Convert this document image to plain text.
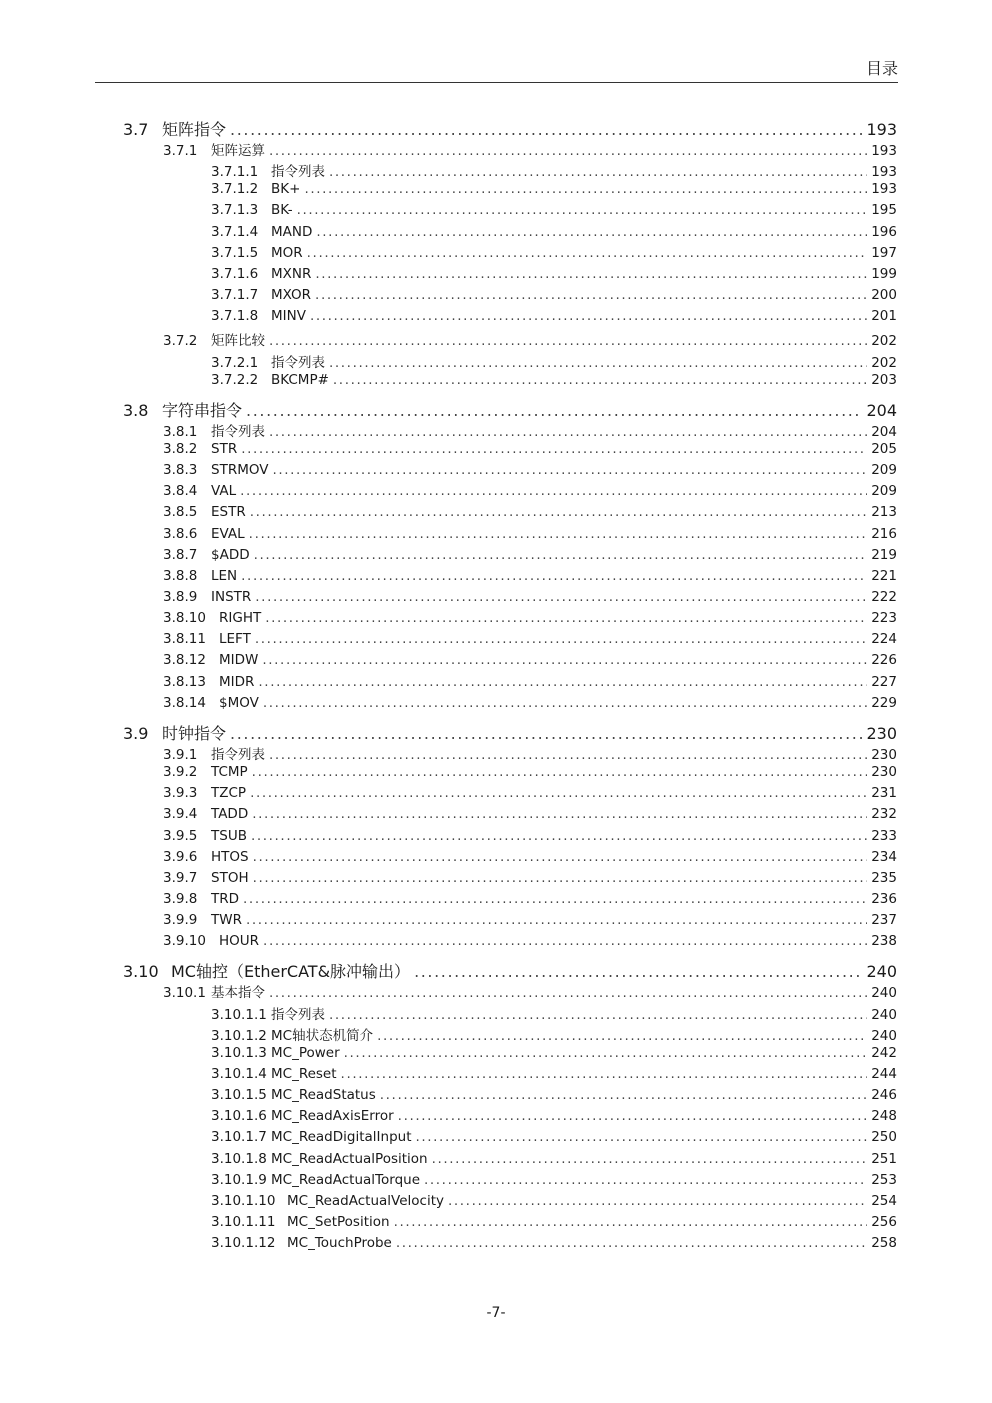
目录
3.7 矩阵指令 .....	193
3.7.1	矩阵运算 .....	193
3.7.1.1 指令列表 .....	193
3.7.1.2 BK+ .....	193
3.7.1.3 BK- .....	195
3.7.1.4 MAND .....	196
3.7.1.5 MOR .....	197
3.7.1.6 MXNR .....	199
3.7.1.7 MXOR .....	200
3.7.1.8 MINV .....	201
3.7.2	矩阵比较 .....	202
3.7.2.1 指令列表 .....	202
3.7.2.2 BKCMP# .....	203
3.8 字符串指令 .....	204
3.8.1	指令列表 .....	204
3.8.2	STR .....	205
3.8.3	STRMOV .....	209
3.8.4	VAL .....	209
3.8.5	ESTR .....	213
3.8.6	EVAL .....	216
3.8.7	$ADD .....	219
3.8.8	LEN .....	221
3.8.9	INSTR .....	222
3.8.10 RIGHT .....	223
3.8.11 LEFT .....	224
3.8.12 MIDW .....	226
3.8.13 MIDR .....	227
3.8.14 $MOV .....	229
3.9 时钟指令 .....	230
3.9.1	指令列表 .....	230
3.9.2	TCMP .....	230
3.9.3	TZCP .....	231
3.9.4	TADD .....	232
3.9.5	TSUB .....	233
3.9.6	HTOS .....	234
3.9.7	STOH .....	235
3.9.8	TRD .....	236
3.9.9	TWR .....	237
3.9.10 HOUR .....	238
3.10 MC轴控（EtherCAT&脉冲输出） .....	240
3.10.1 基本指令 .....	240
3.10.1.1 指令列表 .....	240
3.10.1.2 MC轴状态机简介 .....	240
3.10.1.3 MC_Power .....	242
3.10.1.4 MC_Reset .....	244
3.10.1.5 MC_ReadStatus .....	246
3.10.1.6 MC_ReadAxisError .....	248
3.10.1.7 MC_ReadDigitalInput .....	250
3.10.1.8 MC_ReadActualPosition .....	251
3.10.1.9 MC_ReadActualTorque .....	253
3.10.1.10 MC_ReadActualVelocity .....	254
3.10.1.11 MC_SetPosition .....	256
3.10.1.12 MC_TouchProbe .....	258
-7-
